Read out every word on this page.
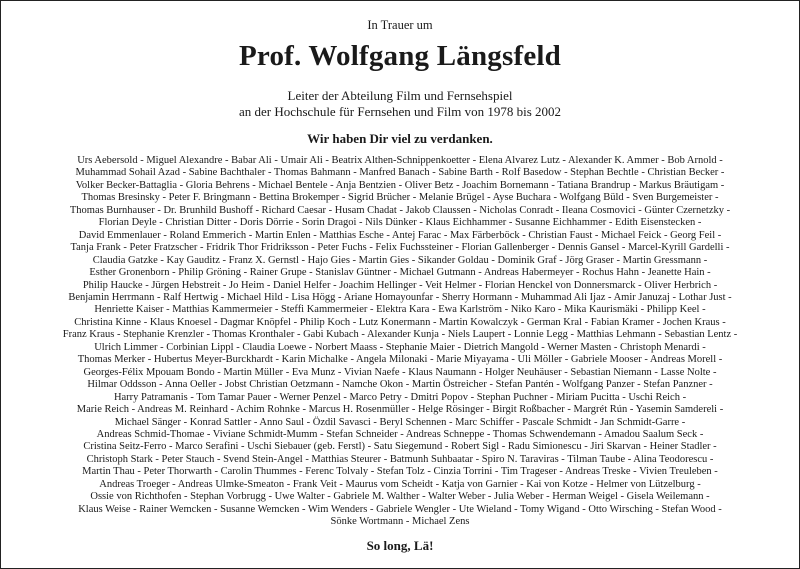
In Trauer um
Prof. Wolfgang Längsfeld
Leiter der Abteilung Film und Fernsehspiel
an der Hochschule für Fernsehen und Film von 1978 bis 2002
Wir haben Dir viel zu verdanken.
Urs Aebersold - Miguel Alexandre - Babar Ali - Umair Ali - Beatrix Althen-Schnippenkoetter - Elena Alvarez Lutz - Alexander K. Ammer - Bob Arnold -
Muhammad Sohail Azad - Sabine Bachthaler - Thomas Bahmann - Manfred Banach - Sabine Barth - Rolf Basedow - Stephan Bechtle - Christian Becker -
Volker Becker-Battaglia - Gloria Behrens - Michael Bentele - Anja Bentzien - Oliver Betz - Joachim Bornemann - Tatiana Brandrup - Markus Bräutigam -
Thomas Bresinsky - Peter F. Bringmann - Bettina Brokemper - Sigrid Brücher - Melanie Brügel - Ayse Buchara - Wolfgang Büld - Sven Burgemeister -
Thomas Burnhauser - Dr. Brunhild Bushoff - Richard Caesar - Husam Chadat - Jakob Claussen - Nicholas Conradt - Ileana Cosmovici - Günter Czernetzky -
Florian Deyle - Christian Ditter - Doris Dörrie - Sorin Dragoi - Nils Dünker - Klaus Eichhammer - Susanne Eichhammer - Edith Eisenstecken -
David Emmenlauer - Roland Emmerich - Martin Enlen - Matthias Esche - Antej Farac - Max Färberböck - Christian Faust - Michael Feick - Georg Feil -
Tanja Frank - Peter Fratzscher - Fridrik Thor Fridriksson - Peter Fuchs - Felix Fuchssteiner - Florian Gallenberger - Dennis Gansel - Marcel-Kyrill Gardelli -
Claudia Gatzke - Kay Gauditz - Franz X. Gernstl - Hajo Gies - Martin Gies - Sikander Goldau - Dominik Graf - Jörg Graser - Martin Gressmann -
Esther Gronenborn - Philip Gröning - Rainer Grupe - Stanislav Güntner - Michael Gutmann - Andreas Habermeyer - Rochus Hahn - Jeanette Hain -
Philip Haucke - Jürgen Hebstreit - Jo Heim - Daniel Helfer - Joachim Hellinger - Veit Helmer - Florian Henckel von Donnersmarck - Oliver Herbrich -
Benjamin Herrmann - Ralf Hertwig - Michael Hild - Lisa Högg - Ariane Homayounfar - Sherry Hormann - Muhammad Ali Ijaz - Amir Januzaj - Lothar Just -
Henriette Kaiser - Matthias Kammermeier - Steffi Kammermeier - Elektra Kara - Ewa Karlström - Niko Karo - Mika Kaurismäki - Philipp Keel -
Christina Kinne - Klaus Knoesel - Dagmar Knöpfel - Philip Koch - Lutz Konermann - Martin Kowalczyk - German Kral - Fabian Kramer - Jochen Kraus -
Franz Kraus - Stephanie Krenzler - Thomas Kronthaler - Gabi Kubach - Alexander Kunja - Niels Laupert - Lonnie Legg - Matthias Lehmann - Sebastian Lentz -
Ulrich Limmer - Corbinian Lippl - Claudia Loewe - Norbert Maass - Stephanie Maier - Dietrich Mangold - Werner Masten - Christoph Menardi -
Thomas Merker - Hubertus Meyer-Burckhardt - Karin Michalke - Angela Milonaki - Marie Miyayama - Uli Möller - Gabriele Mooser - Andreas Morell -
Georges-Félix Mpouam Bondo - Martin Müller - Eva Munz - Vivian Naefe - Klaus Naumann - Holger Neuhäuser - Sebastian Niemann - Lasse Nolte -
Hilmar Oddsson - Anna Oeller - Jobst Christian Oetzmann - Namche Okon - Martin Östreicher - Stefan Pantén - Wolfgang Panzer - Stefan Panzner -
Harry Patramanis - Tom Tamar Pauer - Werner Penzel - Marco Petry - Dmitri Popov - Stephan Puchner - Miriam Pucitta - Uschi Reich -
Marie Reich - Andreas M. Reinhard - Achim Rohnke - Marcus H. Rosenmüller - Helge Rösinger - Birgit Roßbacher - Margrét Rún - Yasemin Samdereli -
Michael Sänger - Konrad Sattler - Anno Saul - Özdil Savasci - Beryl Schennen - Marc Schiffer - Pascale Schmidt - Jan Schmidt-Garre -
Andreas Schmid-Thomae - Viviane Schmidt-Mumm - Stefan Schneider - Andreas Schneppe - Thomas Schwendemann - Amadou Saalum Seck -
Cristina Seitz-Ferro - Marco Serafini - Uschi Siebauer (geb. Ferstl) - Satu Siegemund - Robert Sigl - Radu Simionescu - Jiri Skarvan - Heiner Stadler -
Christoph Stark - Peter Stauch - Svend Stein-Angel - Matthias Steurer - Batmunh Suhbaatar - Spiro N. Taraviras - Tilman Taube - Alina Teodorescu -
Martin Thau - Peter Thorwarth - Carolin Thummes - Ferenc Tolvaly - Stefan Tolz - Cinzia Torrini - Tim Trageser - Andreas Treske - Vivien Treuleben -
Andreas Troeger - Andreas Ulmke-Smeaton - Frank Veit - Maurus vom Scheidt - Katja von Garnier - Kai von Kotze - Helmer von Lützelburg -
Ossie von Richthofen - Stephan Vorbrugg - Uwe Walter - Gabriele M. Walther - Walter Weber - Julia Weber - Herman Weigel - Gisela Weilemann -
Klaus Weise - Rainer Wemcken - Susanne Wemcken - Wim Wenders - Gabriele Wengler - Ute Wieland - Tomy Wigand - Otto Wirsching - Stefan Wood -
Sönke Wortmann - Michael Zens
So long, Lä!
